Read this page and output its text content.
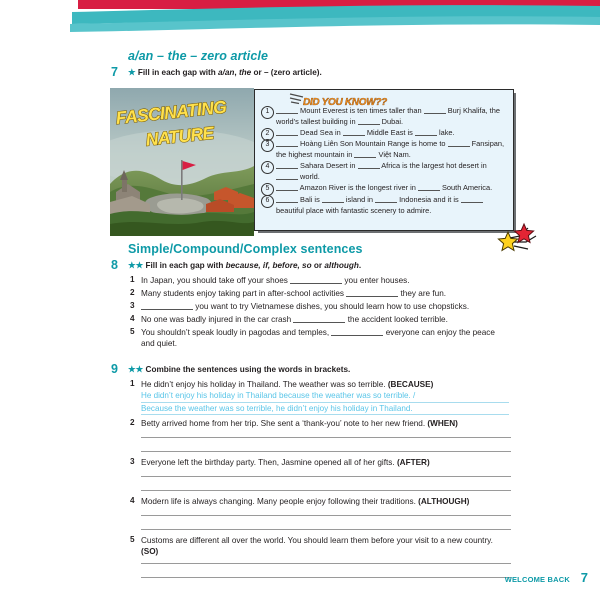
a/an – the – zero article
7 ★ Fill in each gap with a/an, the or – (zero article).
FASCINATING
NATURE
DID YOU KNOW??
1	Mount Everest is ten times taller than	Burj Khalifa, the world’s tallest building in	Dubai.
2	Dead Sea in	Middle East is	lake.
3	Hoàng Liên Son Mountain Range is home to	Fansipan, the highest mountain in	Việt Nam.
4	Sahara Desert in	Africa is the largest hot desert in  world.
5	Amazon River is the longest river in	South America.
6	Bali is	island in	Indonesia and it is  beautiful place with fantastic scenery to admire.
Simple/Compound/Complex sentences
8 ★★ Fill in each gap with because, if, before, so or although.
1 In Japan, you should take off your shoes	you enter houses.
2 Many students enjoy taking part in after-school activities	they are fun.
3	you want to try Vietnamese dishes, you should learn how to use chopsticks.
4 No one was badly injured in the car crash	the accident looked terrible.
5 You shouldn’t speak loudly in pagodas and temples,	everyone can enjoy the peace and quiet.
9 ★★ Combine the sentences using the words in brackets.
1 He didn’t enjoy his holiday in Thailand. The weather was so terrible. (BECAUSE)
He didn’t enjoy his holiday in Thailand because the weather was so terrible. / Because the weather was so terrible, he didn’t enjoy his holiday in Thailand.
2 Betty arrived home from her trip. She sent a ‘thank-you’ note to her new friend. (WHEN)
3 Everyone left the birthday party. Then, Jasmine opened all of her gifts. (AFTER)
4 Modern life is always changing. Many people enjoy following their traditions. (ALTHOUGH)
5 Customs are different all over the world. You should learn them before your visit to a new country. (SO)
WELCOME BACK 7
